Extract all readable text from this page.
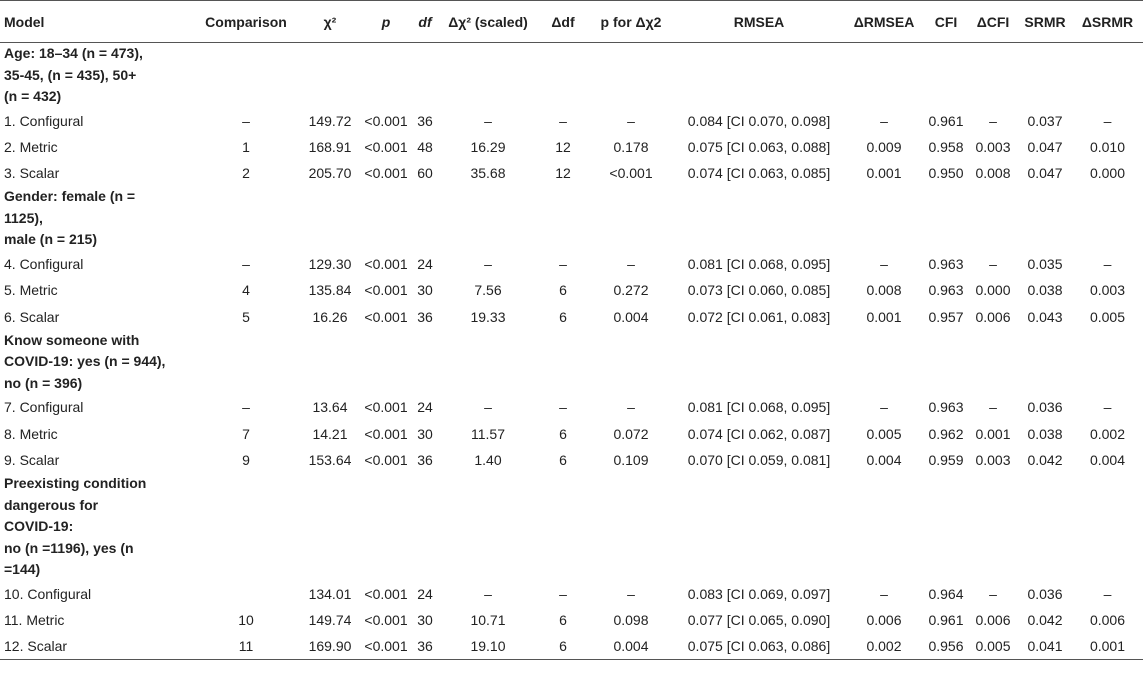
Model	Comparison	χ²	p	df	Δχ² (scaled)	Δdf	p for Δχ2	RMSEA	ΔRMSEA	CFI	ΔCFI	SRMR	ΔSRMR

Age: 18–34 (n = 473),
35-45, (n = 435), 50+
(n = 432)													

1. Configural	–	149.72	<0.001	36	–	–	–	0.084 [CI 0.070, 0.098]	–	0.961	–	0.037	–
2. Metric	1	168.91	<0.001	48	16.29	12	0.178	0.075 [CI 0.063, 0.088]	0.009	0.958	0.003	0.047	0.010
3. Scalar	2	205.70	<0.001	60	35.68	12	<0.001	0.074 [CI 0.063, 0.085]	0.001	0.950	0.008	0.047	0.000

Gender: female (n =
1125),
male (n = 215)													

4. Configural	–	129.30	<0.001	24	–	–	–	0.081 [CI 0.068, 0.095]	–	0.963	–	0.035	–
5. Metric	4	135.84	<0.001	30	7.56	6	0.272	0.073 [CI 0.060, 0.085]	0.008	0.963	0.000	0.038	0.003
6. Scalar	5	16.26	<0.001	36	19.33	6	0.004	0.072 [CI 0.061, 0.083]	0.001	0.957	0.006	0.043	0.005

Know someone with
COVID-19: yes (n = 944),
no (n = 396)													

7. Configural	–	13.64	<0.001	24	–	–	–	0.081 [CI 0.068, 0.095]	–	0.963	–	0.036	–
8. Metric	7	14.21	<0.001	30	11.57	6	0.072	0.074 [CI 0.062, 0.087]	0.005	0.962	0.001	0.038	0.002
9. Scalar	9	153.64	<0.001	36	1.40	6	0.109	0.070 [CI 0.059, 0.081]	0.004	0.959	0.003	0.042	0.004

Preexisting condition
dangerous for
COVID-19:
no (n =1196), yes (n
=144)													

10. Configural		134.01	<0.001	24	–	–	–	0.083 [CI 0.069, 0.097]	–	0.964	–	0.036	–
11. Metric	10	149.74	<0.001	30	10.71	6	0.098	0.077 [CI 0.065, 0.090]	0.006	0.961	0.006	0.042	0.006
12. Scalar	11	169.90	<0.001	36	19.10	6	0.004	0.075 [CI 0.063, 0.086]	0.002	0.956	0.005	0.041	0.001
